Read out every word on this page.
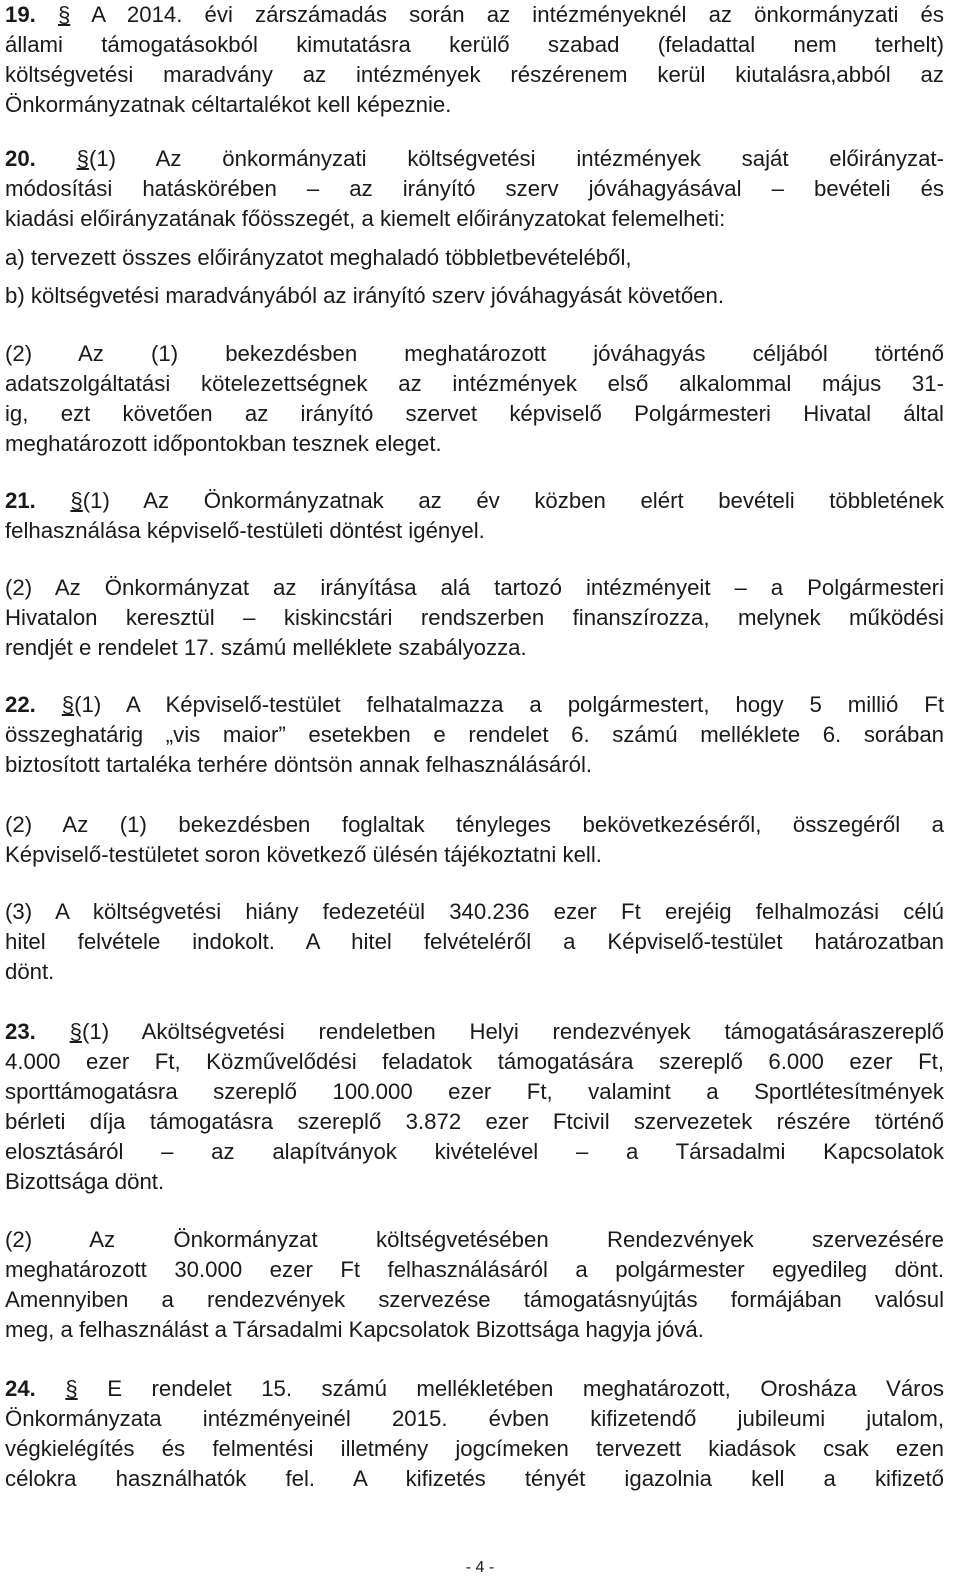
19. § A 2014. évi zárszámadás során az intézményeknél az önkormányzati és
állami támogatásokból kimutatásra kerülő szabad (feladattal nem terhelt)
költségvetési maradvány az intézmények részérenem kerül kiutalásra,abból az
Önkormányzatnak céltartalékot kell képeznie.
20. §(1) Az önkormányzati költségvetési intézmények saját előirányzat-
módosítási hatáskörében – az irányító szerv jóváhagyásával – bevételi és
kiadási előirányzatának főösszegét, a kiemelt előirányzatokat felemelheti:
a) tervezett összes előirányzatot meghaladó többletbevételéből,
b) költségvetési maradványából az irányító szerv jóváhagyását követően.
(2) Az (1) bekezdésben meghatározott jóváhagyás céljából történő
adatszolgáltatási kötelezettségnek az intézmények első alkalommal május 31-
ig, ezt követően az irányító szervet képviselő Polgármesteri Hivatal által
meghatározott időpontokban tesznek eleget.
21. §(1) Az Önkormányzatnak az év közben elért bevételi többletének
felhasználása képviselő-testületi döntést igényel.
(2) Az Önkormányzat az irányítása alá tartozó intézményeit – a Polgármesteri
Hivatalon keresztül – kiskincstári rendszerben finanszírozza, melynek működési
rendjét e rendelet 17. számú melléklete szabályozza.
22. §(1) A Képviselő-testület felhatalmazza a polgármestert, hogy 5 millió Ft
összeghatárig „vis maior” esetekben e rendelet 6. számú melléklete 6. sorában
biztosított tartaléka terhére döntsön annak felhasználásáról.
(2) Az (1) bekezdésben foglaltak tényleges bekövetkezéséről, összegéről a
Képviselő-testületet soron következő ülésén tájékoztatni kell.
(3) A költségvetési hiány fedezetéül 340.236 ezer Ft erejéig felhalmozási célú
hitel felvétele indokolt. A hitel felvételéről a Képviselő-testület határozatban
dönt.
23. §(1) Aköltségvetési rendeletben Helyi rendezvények támogatásáraszereplő
4.000 ezer Ft, Közművelődési feladatok támogatására szereplő 6.000 ezer Ft,
sporttámogatásra szereplő 100.000 ezer Ft, valamint a Sportlétesítmények
bérleti díja támogatásra szereplő 3.872 ezer Ftcivil szervezetek részére történő
elosztásáról – az alapítványok kivételével – a Társadalmi Kapcsolatok
Bizottsága dönt.
(2) Az Önkormányzat költségvetésében Rendezvények szervezésére
meghatározott 30.000 ezer Ft felhasználásáról a polgármester egyedileg dönt.
Amennyiben a rendezvények szervezése támogatásnyújtás formájában valósul
meg, a felhasználást a Társadalmi Kapcsolatok Bizottsága hagyja jóvá.
24. § E rendelet 15. számú mellékletében meghatározott, Orosháza Város
Önkormányzata intézményeinél 2015. évben kifizetendő jubileumi jutalom,
végkielégítés és felmentési illetmény jogcímeken tervezett kiadások csak ezen
célokra használhatók fel. A kifizetés tényét igazolnia kell a kifizető
- 4 -
